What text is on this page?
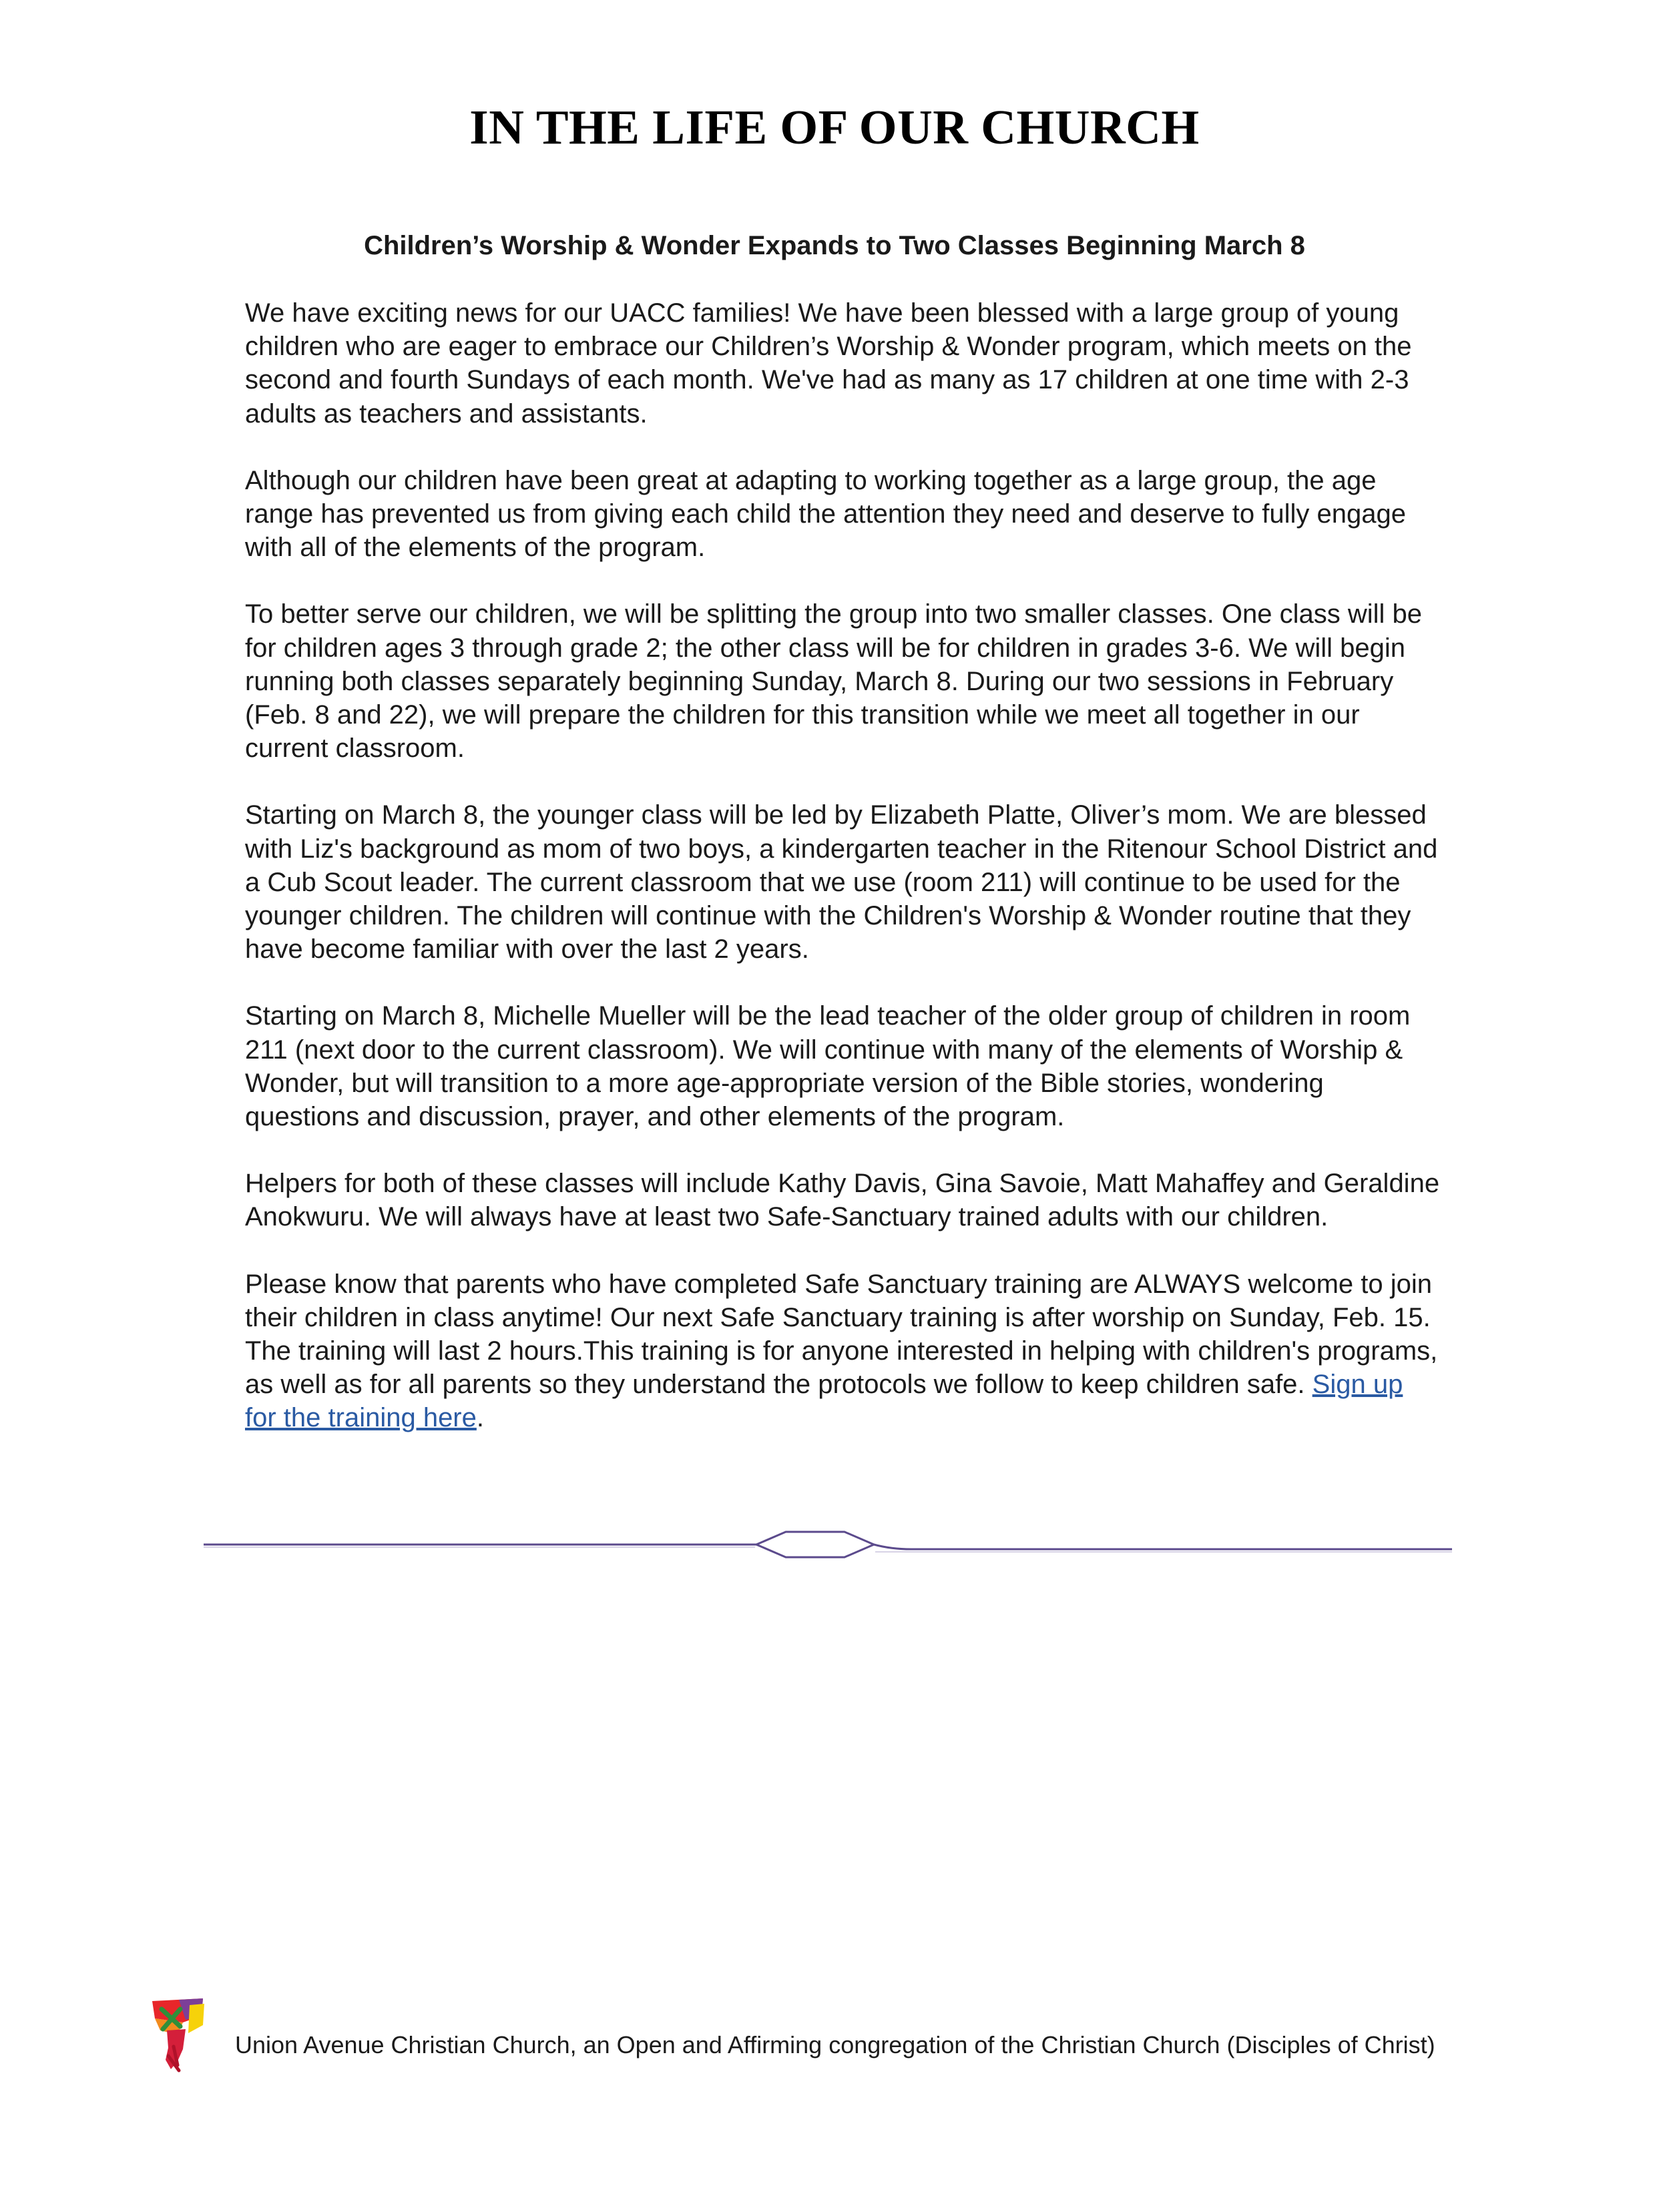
IN THE LIFE OF OUR CHURCH
Children’s Worship & Wonder Expands to Two Classes Beginning March 8

We have exciting news for our UACC families! We have been blessed with a large group of young children who are eager to embrace our Children’s Worship & Wonder program, which meets on the second and fourth Sundays of each month. We've had as many as 17 children at one time with 2-3 adults as teachers and assistants.

Although our children have been great at adapting to working together as a large group, the age range has prevented us from giving each child the attention they need and deserve to fully engage with all of the elements of the program.

To better serve our children, we will be splitting the group into two smaller classes. One class will be for children ages 3 through grade 2; the other class will be for children in grades 3-6. We will begin running both classes separately beginning Sunday, March 8. During our two sessions in February (Feb. 8 and 22), we will prepare the children for this transition while we meet all together in our current classroom.

Starting on March 8, the younger class will be led by Elizabeth Platte, Oliver’s mom. We are blessed with Liz's background as mom of two boys, a kindergarten teacher in the Ritenour School District and a Cub Scout leader. The current classroom that we use (room 211) will continue to be used for the younger children. The children will continue with the Children's Worship & Wonder routine that they have become familiar with over the last 2 years.

Starting on March 8, Michelle Mueller will be the lead teacher of the older group of children in room 211 (next door to the current classroom). We will continue with many of the elements of Worship & Wonder, but will transition to a more age-appropriate version of the Bible stories, wondering questions and discussion, prayer, and other elements of the program.

Helpers for both of these classes will include Kathy Davis, Gina Savoie, Matt Mahaffey and Geraldine Anokwuru. We will always have at least two Safe-Sanctuary trained adults with our children.

Please know that parents who have completed Safe Sanctuary training are ALWAYS welcome to join their children in class anytime! Our next Safe Sanctuary training is after worship on Sunday, Feb. 15. The training will last 2 hours.This training is for anyone interested in helping with children's programs, as well as for all parents so they understand the protocols we follow to keep children safe. Sign up for the training here.

Union Avenue Christian Church, an Open and Affirming congregation of the Christian Church (Disciples of Christ)
